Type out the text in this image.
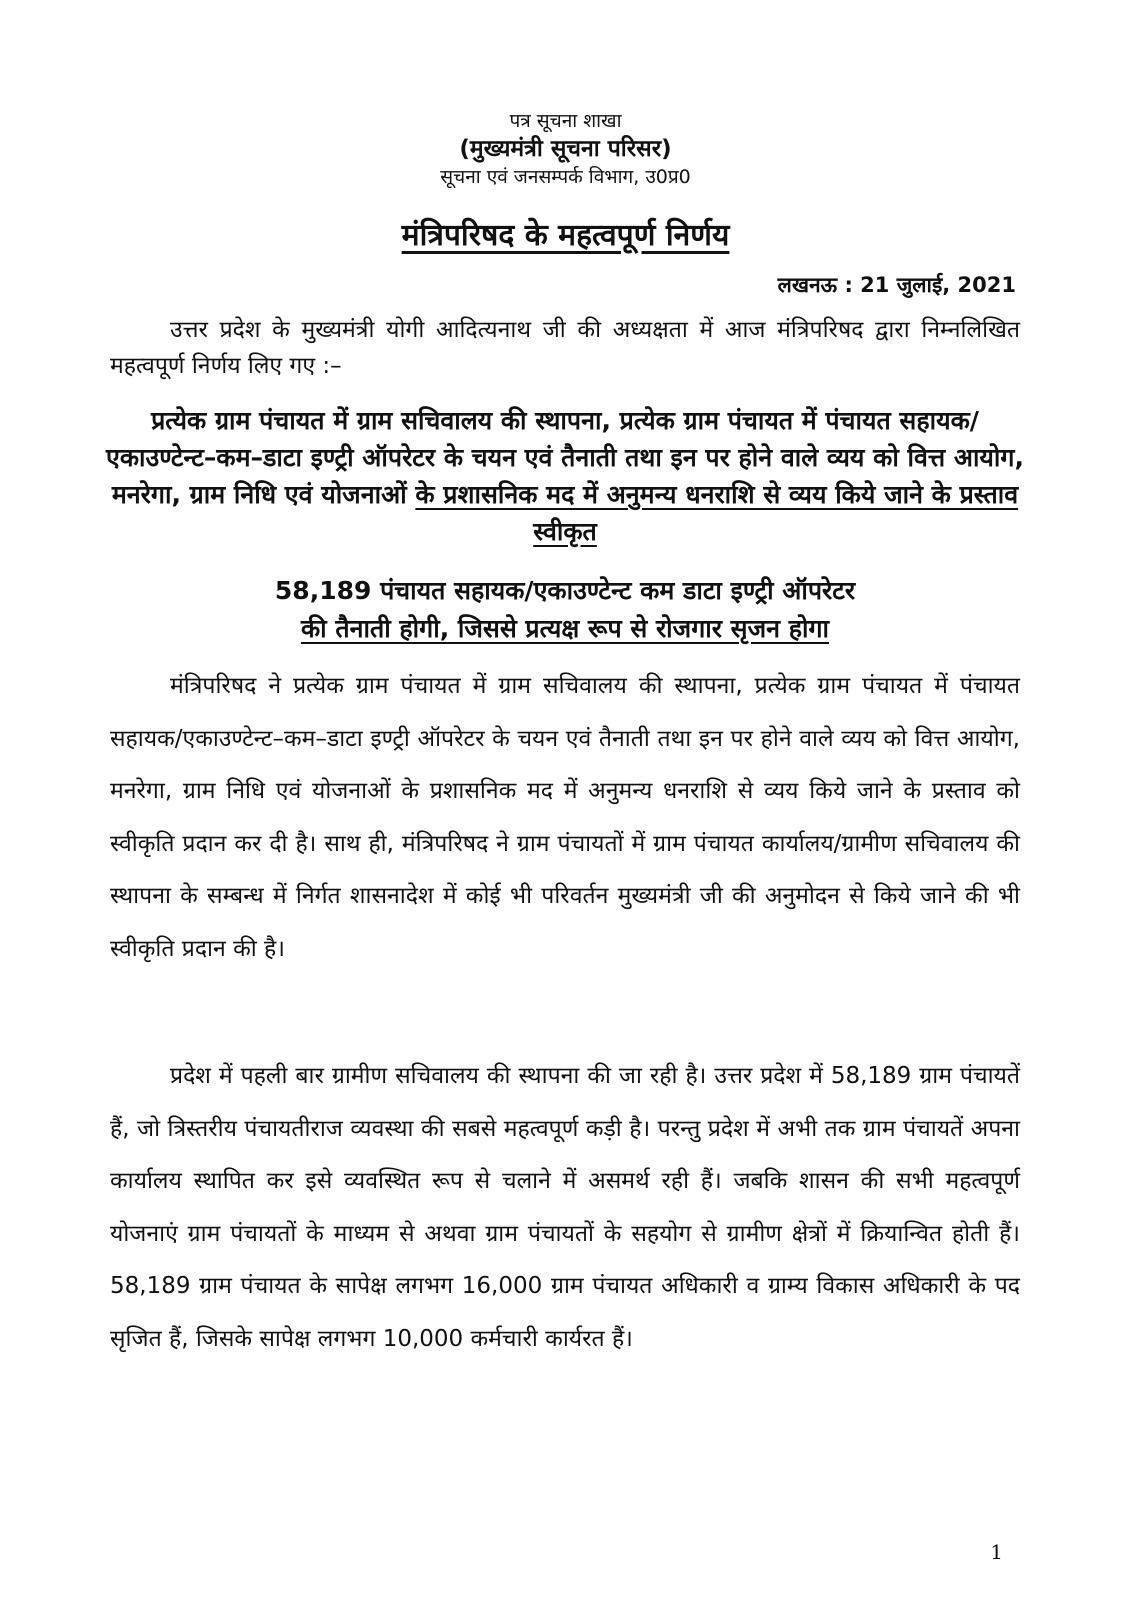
पत्र सूचना शाखा

(मुख्यमंत्री सूचना परिसर)

सूचना एवं जनसम्पर्क विभाग, उ0प्र0

मंत्रिपरिषद के महत्वपूर्ण निर्णय
लखनऊ : 21 जुलाई, 2021

उत्तर प्रदेश के मुख्यमंत्री योगी आदित्यनाथ जी की अध्यक्षता में आज मंत्रिपरिषद द्वारा निम्नलिखित महत्वपूर्ण निर्णय लिए गए :–

प्रत्येक ग्राम पंचायत में ग्राम सचिवालय की स्थापना, प्रत्येक ग्राम पंचायत में पंचायत सहायक/एकाउण्टेन्ट–कम–डाटा इण्ट्री ऑपरेटर के चयन एवं तैनाती तथा इन पर होने वाले व्यय को वित्त आयोग, मनरेगा, ग्राम निधि एवं योजनाओं के प्रशासनिक मद में अनुमन्य धनराशि से व्यय किये जाने के प्रस्ताव स्वीकृत

58,189 पंचायत सहायक/एकाउण्टेन्ट कम डाटा इण्ट्री ऑपरेटर
की तैनाती होगी, जिससे प्रत्यक्ष रूप से रोजगार सृजन होगा

मंत्रिपरिषद ने प्रत्येक ग्राम पंचायत में ग्राम सचिवालय की स्थापना, प्रत्येक ग्राम पंचायत में पंचायत सहायक/एकाउण्टेन्ट–कम–डाटा इण्ट्री ऑपरेटर के चयन एवं तैनाती तथा इन पर होने वाले व्यय को वित्त आयोग, मनरेगा, ग्राम निधि एवं योजनाओं के प्रशासनिक मद में अनुमन्य धनराशि से व्यय किये जाने के प्रस्ताव को स्वीकृति प्रदान कर दी है। साथ ही, मंत्रिपरिषद ने ग्राम पंचायतों में ग्राम पंचायत कार्यालय/ग्रामीण सचिवालय की स्थापना के सम्बन्ध में निर्गत शासनादेश में कोई भी परिवर्तन मुख्यमंत्री जी की अनुमोदन से किये जाने की भी स्वीकृति प्रदान की है।

प्रदेश में पहली बार ग्रामीण सचिवालय की स्थापना की जा रही है। उत्तर प्रदेश में 58,189 ग्राम पंचायतें हैं, जो त्रिस्तरीय पंचायतीराज व्यवस्था की सबसे महत्वपूर्ण कड़ी है। परन्तु प्रदेश में अभी तक ग्राम पंचायतें अपना कार्यालय स्थापित कर इसे व्यवस्थित रूप से चलाने में असमर्थ रही हैं। जबकि शासन की सभी महत्वपूर्ण योजनाएं ग्राम पंचायतों के माध्यम से अथवा ग्राम पंचायतों के सहयोग से ग्रामीण क्षेत्रों में क्रियान्वित होती हैं। 58,189 ग्राम पंचायत के सापेक्ष लगभग 16,000 ग्राम पंचायत अधिकारी व ग्राम्य विकास अधिकारी के पद सृजित हैं, जिसके सापेक्ष लगभग 10,000 कर्मचारी कार्यरत हैं।

1
